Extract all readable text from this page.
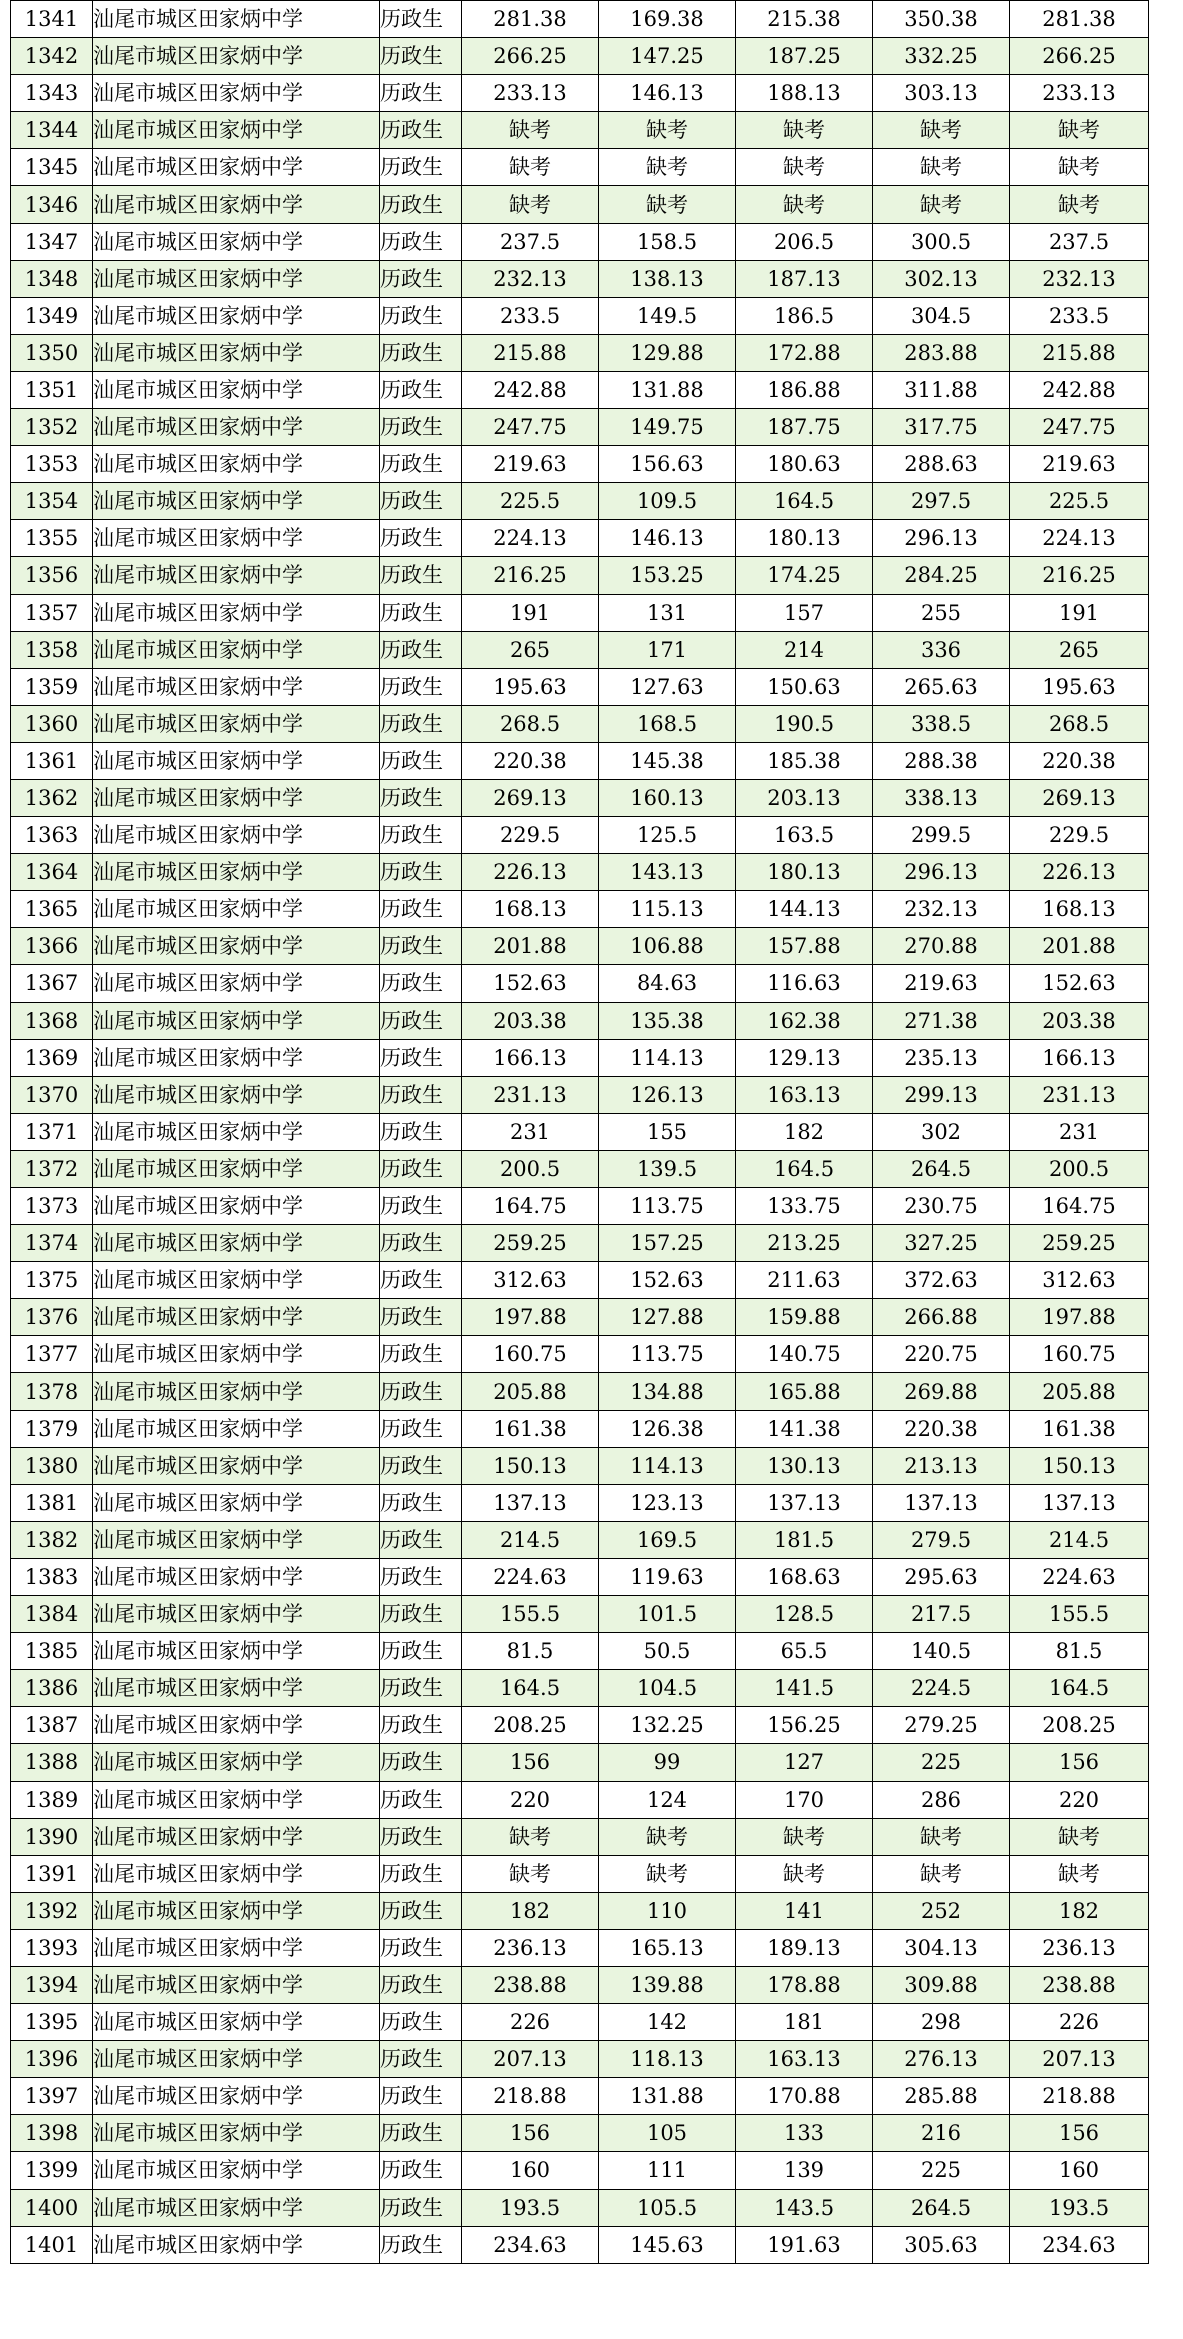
1341	汕尾市城区田家炳中学	历政生	281.38	169.38	215.38	350.38	281.38
1342	汕尾市城区田家炳中学	历政生	266.25	147.25	187.25	332.25	266.25
1343	汕尾市城区田家炳中学	历政生	233.13	146.13	188.13	303.13	233.13
1344	汕尾市城区田家炳中学	历政生	缺考	缺考	缺考	缺考	缺考
1345	汕尾市城区田家炳中学	历政生	缺考	缺考	缺考	缺考	缺考
1346	汕尾市城区田家炳中学	历政生	缺考	缺考	缺考	缺考	缺考
1347	汕尾市城区田家炳中学	历政生	237.5	158.5	206.5	300.5	237.5
1348	汕尾市城区田家炳中学	历政生	232.13	138.13	187.13	302.13	232.13
1349	汕尾市城区田家炳中学	历政生	233.5	149.5	186.5	304.5	233.5
1350	汕尾市城区田家炳中学	历政生	215.88	129.88	172.88	283.88	215.88
1351	汕尾市城区田家炳中学	历政生	242.88	131.88	186.88	311.88	242.88
1352	汕尾市城区田家炳中学	历政生	247.75	149.75	187.75	317.75	247.75
1353	汕尾市城区田家炳中学	历政生	219.63	156.63	180.63	288.63	219.63
1354	汕尾市城区田家炳中学	历政生	225.5	109.5	164.5	297.5	225.5
1355	汕尾市城区田家炳中学	历政生	224.13	146.13	180.13	296.13	224.13
1356	汕尾市城区田家炳中学	历政生	216.25	153.25	174.25	284.25	216.25
1357	汕尾市城区田家炳中学	历政生	191	131	157	255	191
1358	汕尾市城区田家炳中学	历政生	265	171	214	336	265
1359	汕尾市城区田家炳中学	历政生	195.63	127.63	150.63	265.63	195.63
1360	汕尾市城区田家炳中学	历政生	268.5	168.5	190.5	338.5	268.5
1361	汕尾市城区田家炳中学	历政生	220.38	145.38	185.38	288.38	220.38
1362	汕尾市城区田家炳中学	历政生	269.13	160.13	203.13	338.13	269.13
1363	汕尾市城区田家炳中学	历政生	229.5	125.5	163.5	299.5	229.5
1364	汕尾市城区田家炳中学	历政生	226.13	143.13	180.13	296.13	226.13
1365	汕尾市城区田家炳中学	历政生	168.13	115.13	144.13	232.13	168.13
1366	汕尾市城区田家炳中学	历政生	201.88	106.88	157.88	270.88	201.88
1367	汕尾市城区田家炳中学	历政生	152.63	84.63	116.63	219.63	152.63
1368	汕尾市城区田家炳中学	历政生	203.38	135.38	162.38	271.38	203.38
1369	汕尾市城区田家炳中学	历政生	166.13	114.13	129.13	235.13	166.13
1370	汕尾市城区田家炳中学	历政生	231.13	126.13	163.13	299.13	231.13
1371	汕尾市城区田家炳中学	历政生	231	155	182	302	231
1372	汕尾市城区田家炳中学	历政生	200.5	139.5	164.5	264.5	200.5
1373	汕尾市城区田家炳中学	历政生	164.75	113.75	133.75	230.75	164.75
1374	汕尾市城区田家炳中学	历政生	259.25	157.25	213.25	327.25	259.25
1375	汕尾市城区田家炳中学	历政生	312.63	152.63	211.63	372.63	312.63
1376	汕尾市城区田家炳中学	历政生	197.88	127.88	159.88	266.88	197.88
1377	汕尾市城区田家炳中学	历政生	160.75	113.75	140.75	220.75	160.75
1378	汕尾市城区田家炳中学	历政生	205.88	134.88	165.88	269.88	205.88
1379	汕尾市城区田家炳中学	历政生	161.38	126.38	141.38	220.38	161.38
1380	汕尾市城区田家炳中学	历政生	150.13	114.13	130.13	213.13	150.13
1381	汕尾市城区田家炳中学	历政生	137.13	123.13	137.13	137.13	137.13
1382	汕尾市城区田家炳中学	历政生	214.5	169.5	181.5	279.5	214.5
1383	汕尾市城区田家炳中学	历政生	224.63	119.63	168.63	295.63	224.63
1384	汕尾市城区田家炳中学	历政生	155.5	101.5	128.5	217.5	155.5
1385	汕尾市城区田家炳中学	历政生	81.5	50.5	65.5	140.5	81.5
1386	汕尾市城区田家炳中学	历政生	164.5	104.5	141.5	224.5	164.5
1387	汕尾市城区田家炳中学	历政生	208.25	132.25	156.25	279.25	208.25
1388	汕尾市城区田家炳中学	历政生	156	99	127	225	156
1389	汕尾市城区田家炳中学	历政生	220	124	170	286	220
1390	汕尾市城区田家炳中学	历政生	缺考	缺考	缺考	缺考	缺考
1391	汕尾市城区田家炳中学	历政生	缺考	缺考	缺考	缺考	缺考
1392	汕尾市城区田家炳中学	历政生	182	110	141	252	182
1393	汕尾市城区田家炳中学	历政生	236.13	165.13	189.13	304.13	236.13
1394	汕尾市城区田家炳中学	历政生	238.88	139.88	178.88	309.88	238.88
1395	汕尾市城区田家炳中学	历政生	226	142	181	298	226
1396	汕尾市城区田家炳中学	历政生	207.13	118.13	163.13	276.13	207.13
1397	汕尾市城区田家炳中学	历政生	218.88	131.88	170.88	285.88	218.88
1398	汕尾市城区田家炳中学	历政生	156	105	133	216	156
1399	汕尾市城区田家炳中学	历政生	160	111	139	225	160
1400	汕尾市城区田家炳中学	历政生	193.5	105.5	143.5	264.5	193.5
1401	汕尾市城区田家炳中学	历政生	234.63	145.63	191.63	305.63	234.63
